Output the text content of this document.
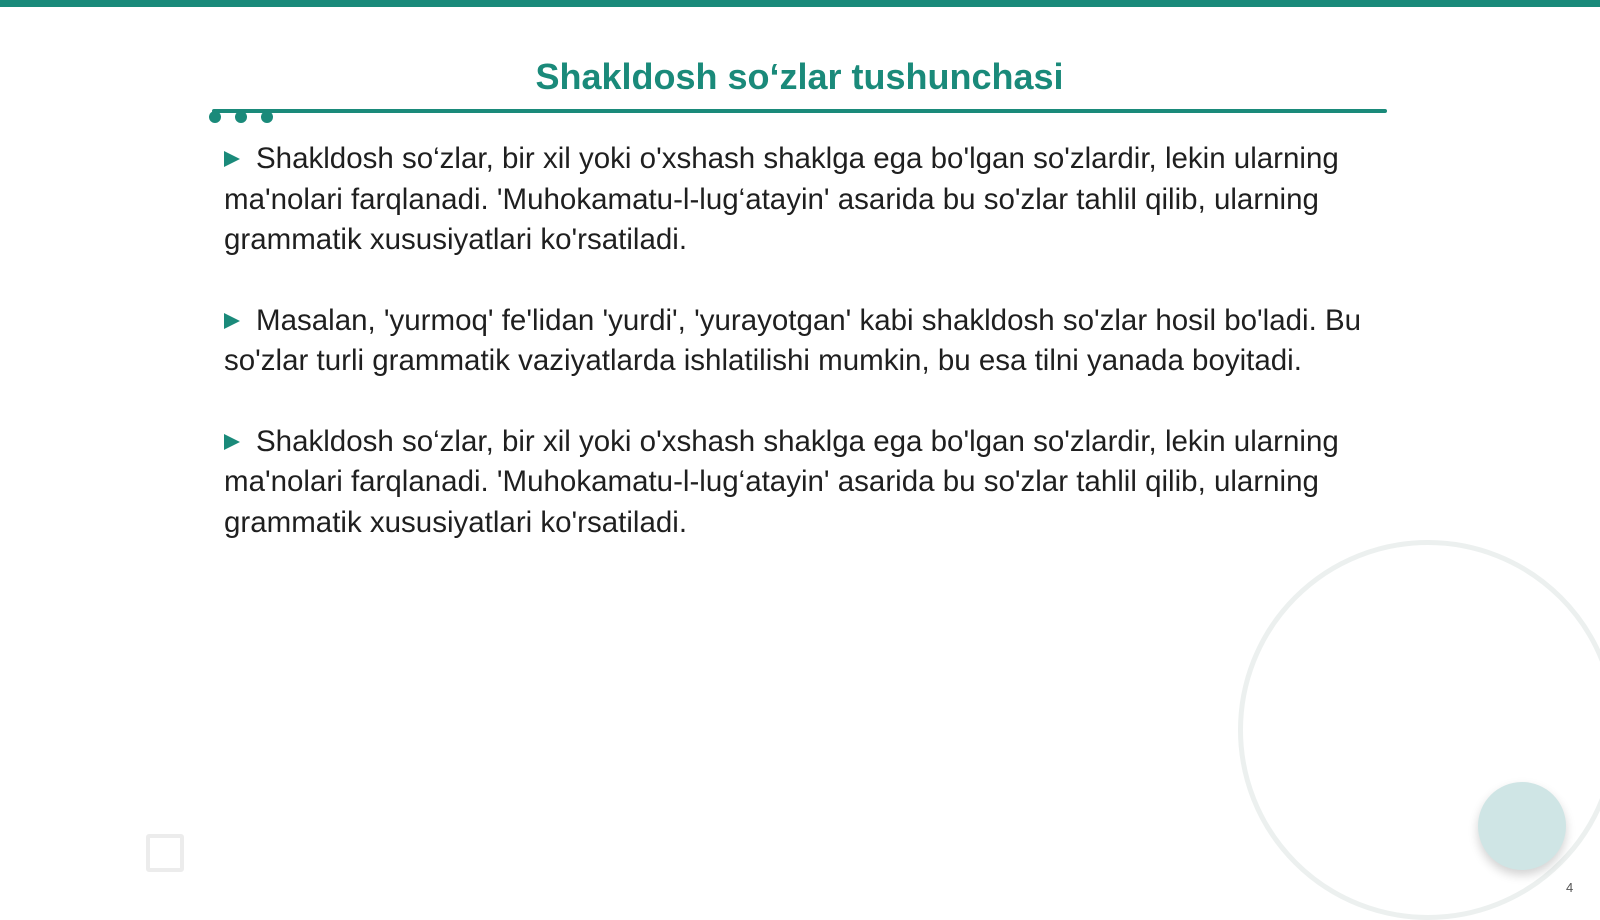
Shakldosh so‘zlar tushunchasi

Shakldosh so‘zlar, bir xil yoki o'xshash shaklga ega bo'lgan so'zlardir, lekin ularning ma'nolari farqlanadi. 'Muhokamatu-l-lug‘atayin' asarida bu so'zlar tahlil qilib, ularning grammatik xususiyatlari ko'rsatiladi.

Masalan, 'yurmoq' fe'lidan 'yurdi', 'yurayotgan' kabi shakldosh so'zlar hosil bo'ladi. Bu so'zlar turli grammatik vaziyatlarda ishlatilishi mumkin, bu esa tilni yanada boyitadi.

Shakldosh so‘zlar, bir xil yoki o'xshash shaklga ega bo'lgan so'zlardir, lekin ularning ma'nolari farqlanadi. 'Muhokamatu-l-lug‘atayin' asarida bu so'zlar tahlil qilib, ularning grammatik xususiyatlari ko'rsatiladi.

4
